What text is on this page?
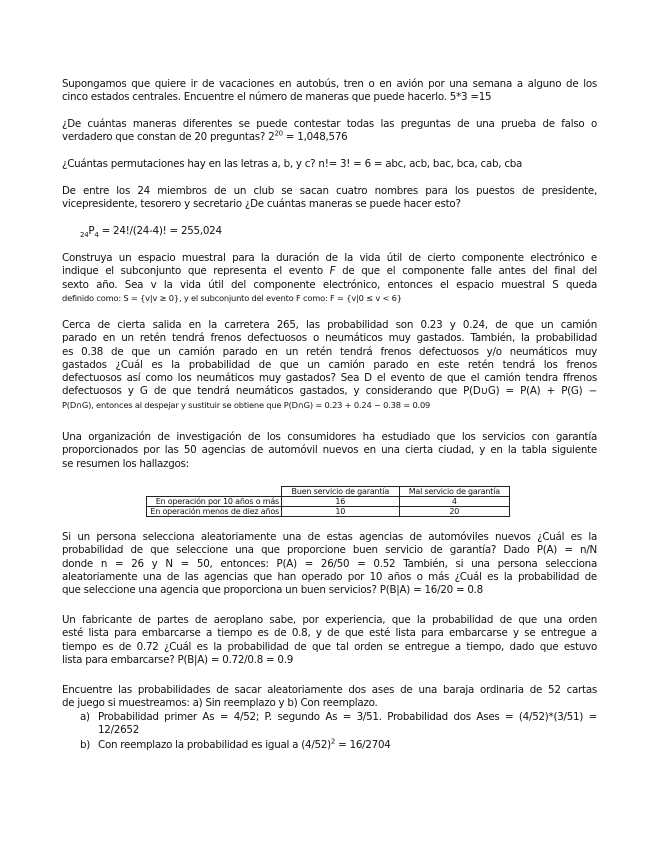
Supongamos que quiere ir de vacaciones en autobús, tren o en avión por una semana a alguno de los
cinco estados centrales. Encuentre el número de maneras que puede hacerlo. 5*3 =15

¿De cuántas maneras diferentes se puede contestar todas las preguntas de una prueba de falso o
verdadero que constan de 20 preguntas? $2^{20} = 1,048,576$

¿Cuántas permutaciones hay en las letras a, b, y c? n!= 3! = 6 = abc, acb, bac, bca, cab, cba

De entre los 24 miembros de un club se sacan cuatro nombres para los puestos de presidente,
vicepresidente, tesorero y secretario ¿De cuántas maneras se puede hacer esto?

$_{24}P_4 = 24!/(24-4)$! = 255,024

Construya un espacio muestral para la duración de la vida útil de cierto componente electrónico e
indique el subconjunto que representa el evento F de que el componente falle antes del final del
sexto año. Sea v la vida útil del componente electrónico, entonces el espacio muestral S queda
definido como: S = {v|v ≥ 0}, y el subconjunto del evento F como: F = {v|0 ≤ v < 6}

Cerca de cierta salida en la carretera 265, las probabilidad son 0.23 y 0.24, de que un camión
parado en un retén tendrá frenos defectuosos o neumáticos muy gastados. También, la probabilidad
es 0.38 de que un camión parado en un retén tendrá frenos defectuosos y/o neumáticos muy
gastados ¿Cuál es la probabilidad de que un camión parado en este retén tendrá los frenos
defectuosos así como los neumáticos muy gastados? Sea D el evento de que el camión tendra ffrenos
defectuosos y G de que tendrá neumáticos gastados, y considerando que P(D∪G) = P(A) + P(G) −
P(D∩G), entonces al despejar y sustituir se obtiene que P(D∩G) = 0.23 + 0.24 − 0.38 = 0.09

Una organización de investigación de los consumidores ha estudiado que los servicios con garantía
proporcionados por las 50 agencias de automóvil nuevos en una cierta ciudad, y en la tabla siguiente
se resumen los hallazgos:

	Buen servicio de garantía	Mal servicio de garantía
En operación por 10 años o más	16	4
En operación menos de diez años	10	20

Si un persona selecciona aleatoriamente una de estas agencias de automóviles nuevos ¿Cuál es la
probabilidad de que seleccione una que proporcione buen servicio de garantía? Dado P(A) = n/N
donde n = 26 y N = 50, entonces: P(A) = 26/50 = 0.52 También, si una persona selecciona
aleatoriamente una de las agencias que han operado por 10 años o más ¿Cuál es la probabilidad de
que seleccione una agencia que proporciona un buen servicios? P(B|A) = 16/20 = 0.8

Un fabricante de partes de aeroplano sabe, por experiencia, que la probabilidad de que una orden
esté lista para embarcarse a tiempo es de 0.8, y de que esté lista para embarcarse y se entregue a
tiempo es de 0.72 ¿Cuál es la probabilidad de que tal orden se entregue a tiempo, dado que estuvo
lista para embarcarse? P(B|A) = 0.72/0.8 = 0.9

Encuentre las probabilidades de sacar aleatoriamente dos ases de una baraja ordinaria de 52 cartas
de juego si muestreamos: a) Sin reemplazo y b) Con reemplazo.

a) Probabilidad primer As = 4/52; P. segundo As = 3/51. Probabilidad dos Ases = (4/52)*(3/51) =
12/2652
b) Con reemplazo la probabilidad es igual a $(4/52)^2 = 16/2704$
